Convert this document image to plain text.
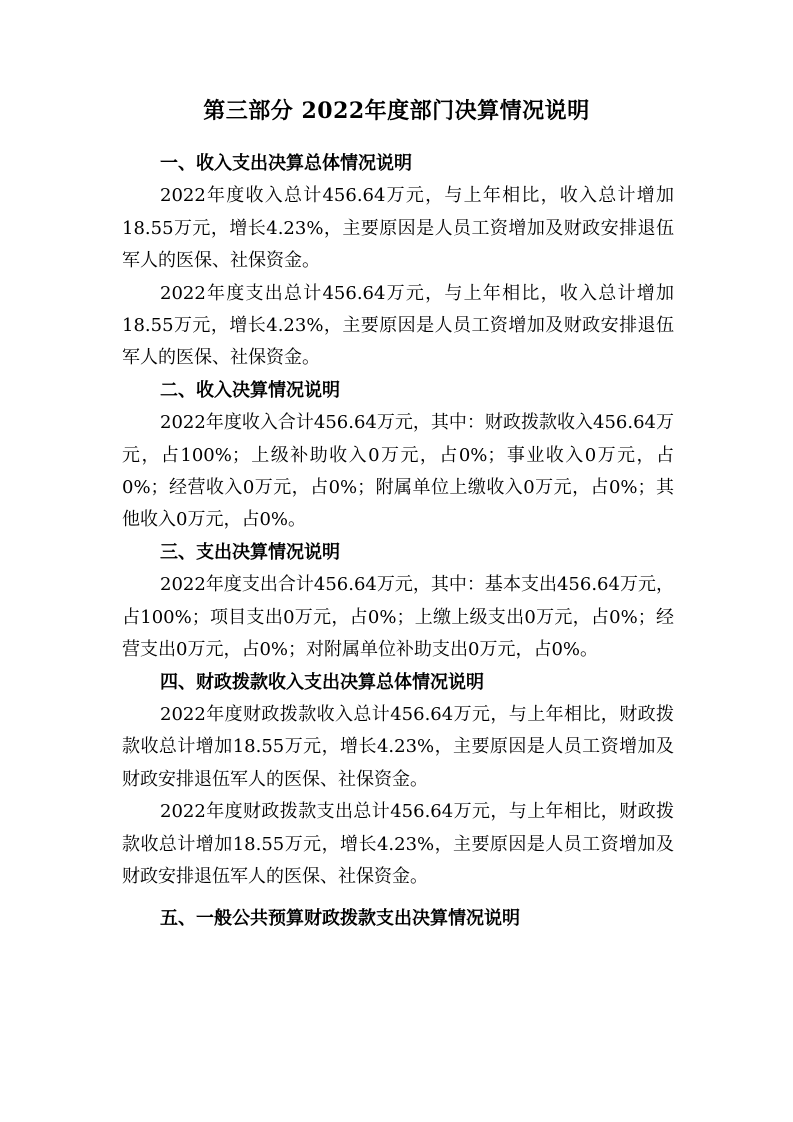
第三部分 2022年度部门决算情况说明

一、收入支出决算总体情况说明

2022年度收入总计456.64万元，与上年相比，收入总计增加18.55万元，增长4.23%，主要原因是人员工资增加及财政安排退伍军人的医保、社保资金。

2022年度支出总计456.64万元，与上年相比，收入总计增加18.55万元，增长4.23%，主要原因是人员工资增加及财政安排退伍军人的医保、社保资金。

二、收入决算情况说明

2022年度收入合计456.64万元，其中：财政拨款收入456.64万元，占100%；上级补助收入0万元，占0%；事业收入0万元，占0%；经营收入0万元，占0%；附属单位上缴收入0万元，占0%；其他收入0万元，占0%。

三、支出决算情况说明

2022年度支出合计456.64万元，其中：基本支出456.64万元，占100%；项目支出0万元，占0%；上缴上级支出0万元，占0%；经营支出0万元，占0%；对附属单位补助支出0万元，占0%。

四、财政拨款收入支出决算总体情况说明

2022年度财政拨款收入总计456.64万元，与上年相比，财政拨款收总计增加18.55万元，增长4.23%，主要原因是人员工资增加及财政安排退伍军人的医保、社保资金。

2022年度财政拨款支出总计456.64万元，与上年相比，财政拨款收总计增加18.55万元，增长4.23%，主要原因是人员工资增加及财政安排退伍军人的医保、社保资金。

五、一般公共预算财政拨款支出决算情况说明
